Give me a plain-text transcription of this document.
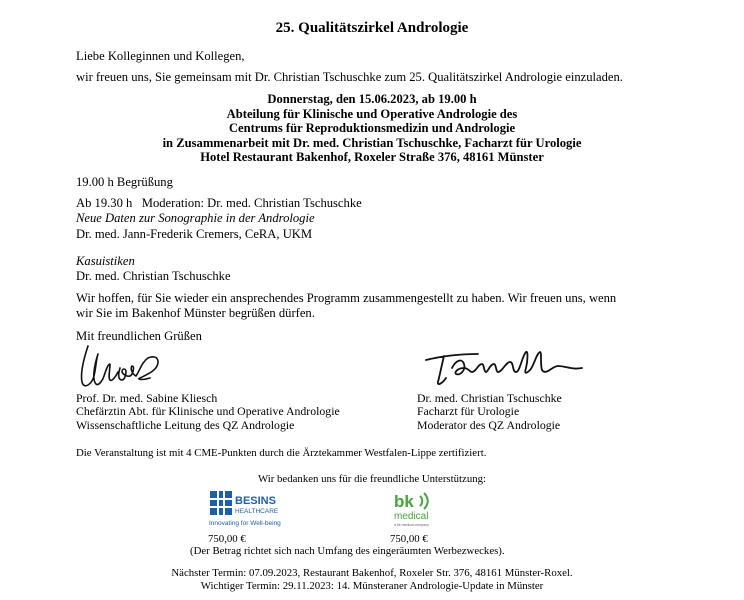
25. Qualitätszirkel Andrologie
Liebe Kolleginnen und Kollegen,
wir freuen uns, Sie gemeinsam mit Dr. Christian Tschuschke zum 25. Qualitätszirkel Andrologie einzuladen.
Donnerstag, den 15.06.2023, ab 19.00 h
Abteilung für Klinische und Operative Andrologie des
Centrums für Reproduktionsmedizin und Andrologie
in Zusammenarbeit mit Dr. med. Christian Tschuschke, Facharzt für Urologie
Hotel Restaurant Bakenhof, Roxeler Straße 376, 48161 Münster
19.00 h Begrüßung
Ab 19.30 h   Moderation: Dr. med. Christian Tschuschke
Neue Daten zur Sonographie in der Andrologie
Dr. med. Jann-Frederik Cremers, CeRA, UKM
Kasuistiken
Dr. med. Christian Tschuschke
Wir hoffen, für Sie wieder ein ansprechendes Programm zusammengestellt zu haben. Wir freuen uns, wenn
wir Sie im Bakenhof Münster begrüßen dürfen.
Mit freundlichen Grüßen
Prof. Dr. med. Sabine Kliesch
Chefärztin Abt. für Klinische und Operative Andrologie
Wissenschaftliche Leitung des QZ Andrologie
Dr. med. Christian Tschuschke
Facharzt für Urologie
Moderator des QZ Andrologie
Die Veranstaltung ist mit 4 CME-Punkten durch die Ärztekammer Westfalen-Lippe zertifiziert.
Wir bedanken uns für die freundliche Unterstützung:
BESINS
HEALTHCARE
Innovating for Well-being
bk
medical
a bk medical company
750,00 €	750,00 €
(Der Betrag richtet sich nach Umfang des eingeräumten Werbezweckes).
Nächster Termin: 07.09.2023, Restaurant Bakenhof, Roxeler Str. 376, 48161 Münster-Roxel.
Wichtiger Termin: 29.11.2023: 14. Münsteraner Andrologie-Update in Münster
